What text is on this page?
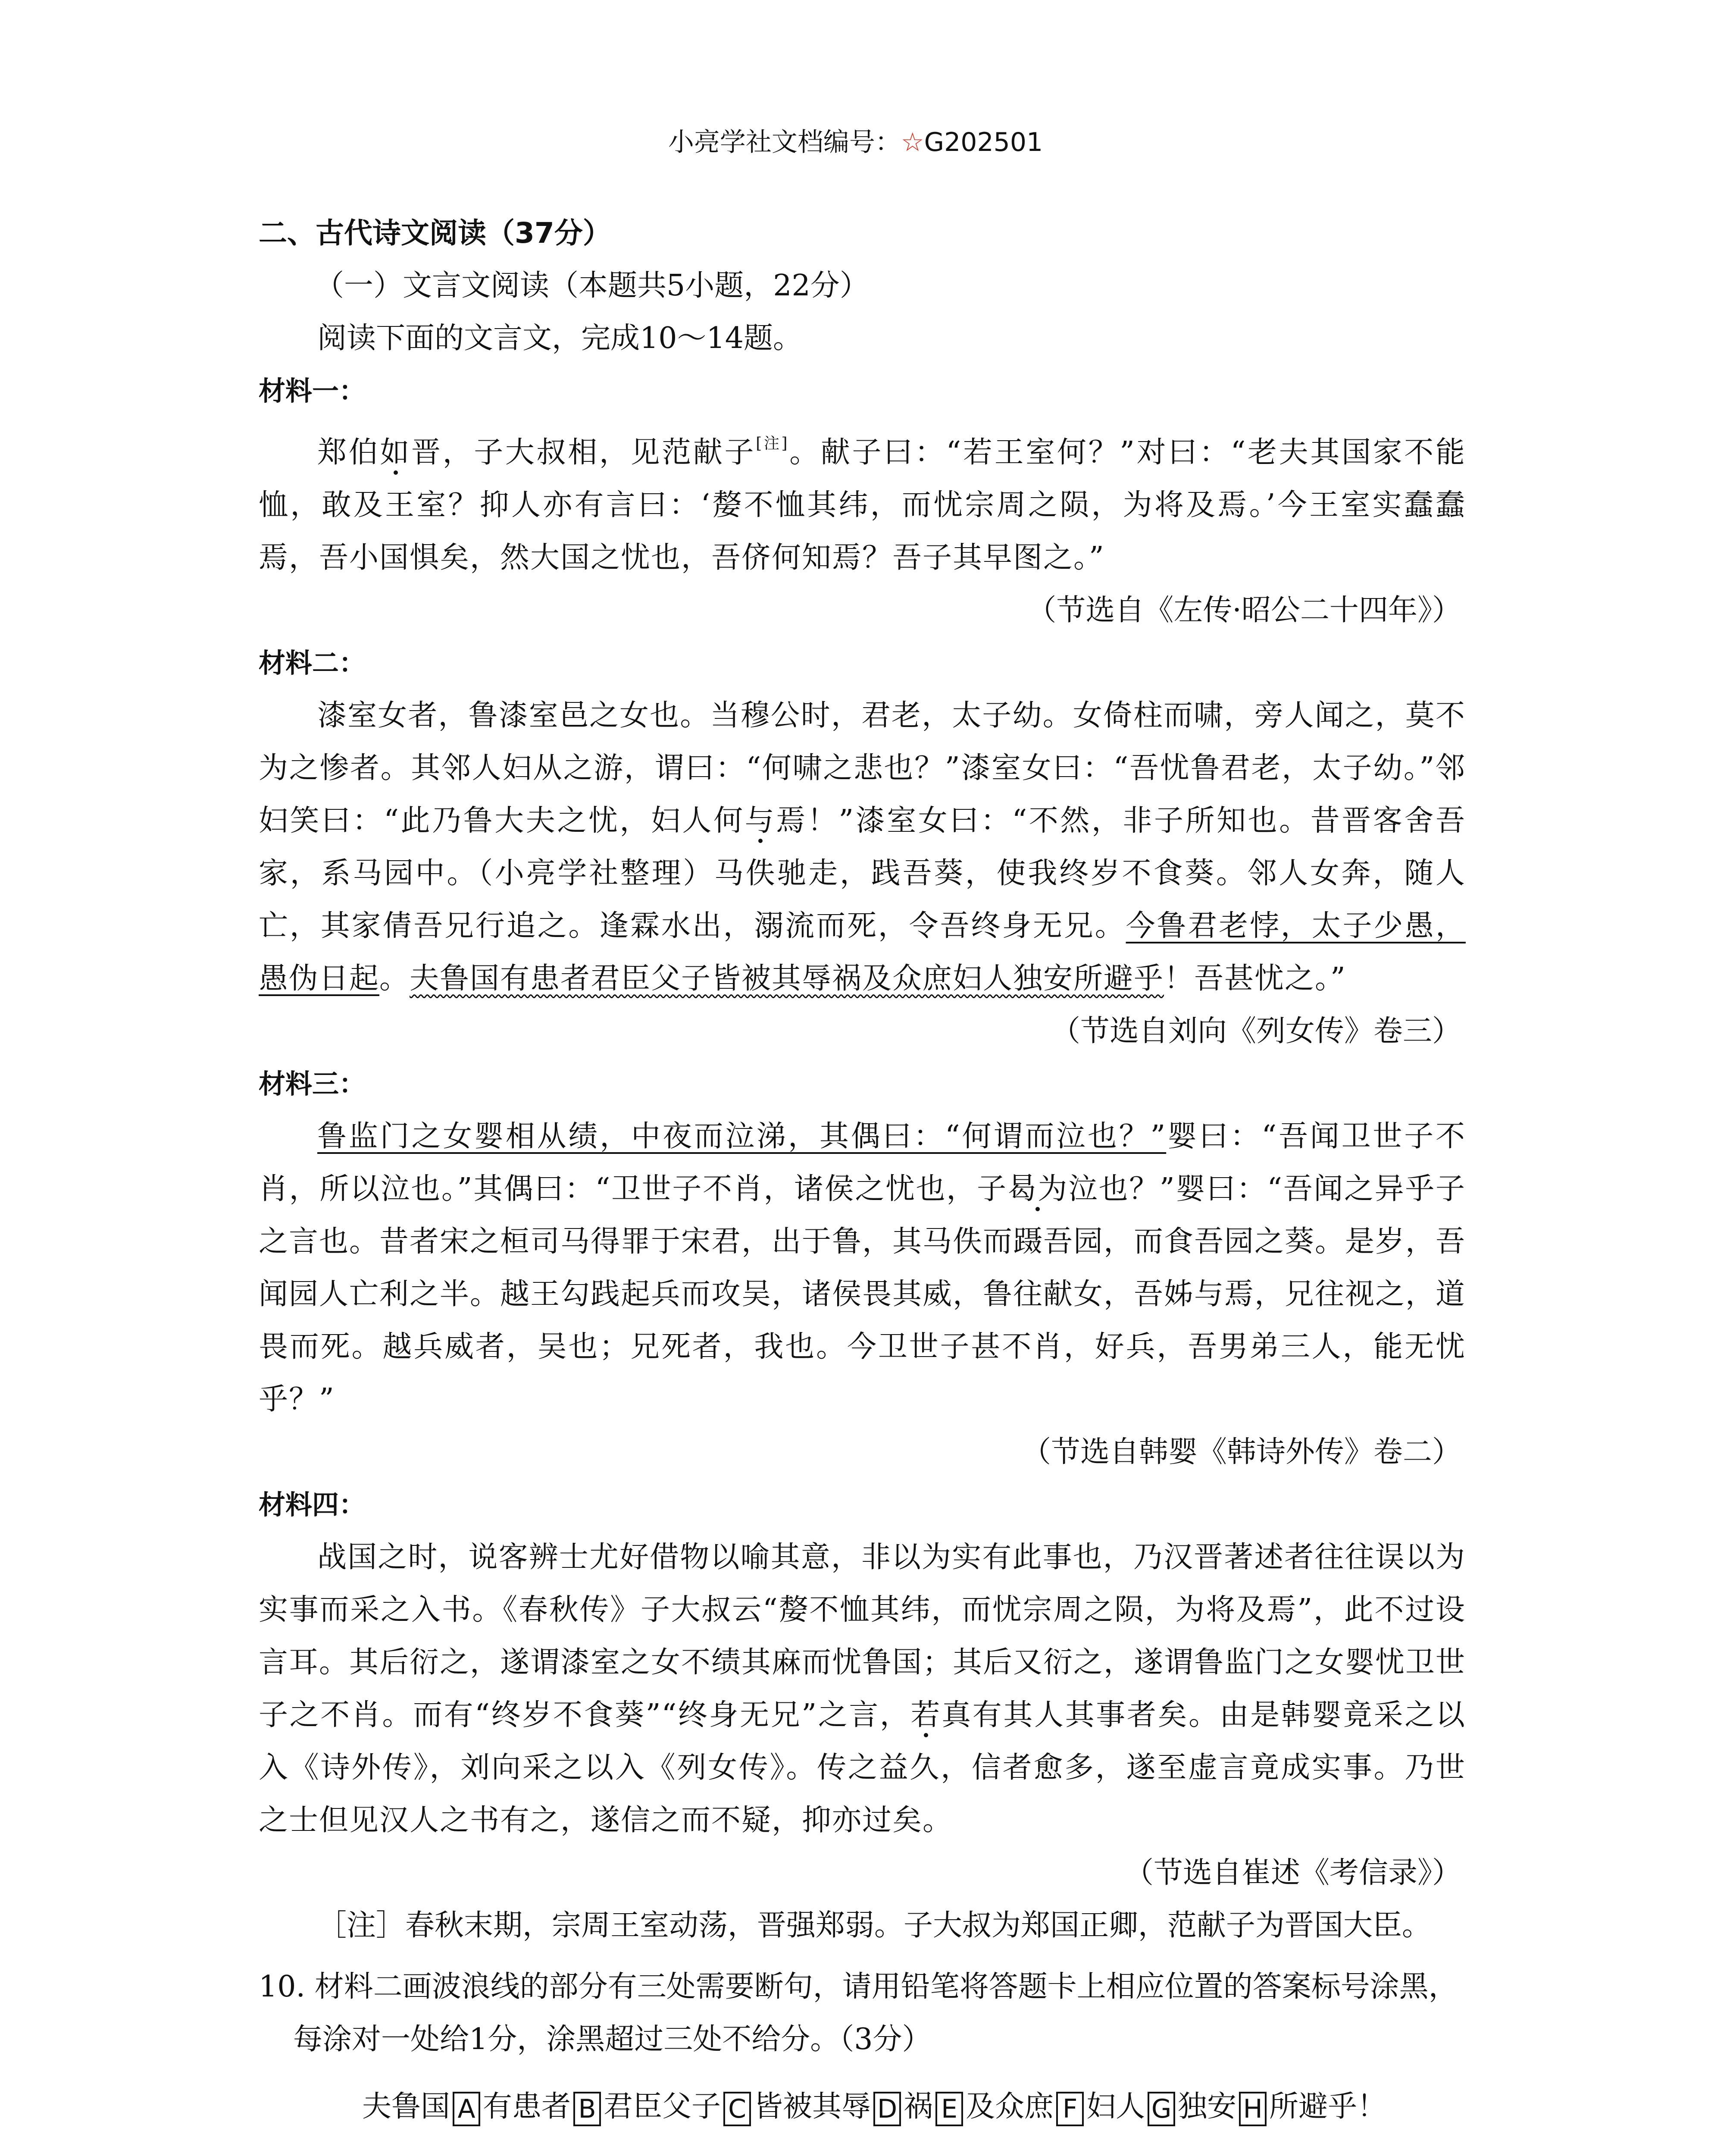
小亮学社文档编号：☆G202501
二、古代诗文阅读（37分）
（一）文言文阅读（本题共5小题，22分）
阅读下面的文言文，完成10～14题。
材料一：

郑伯如晋，子大叔相，见范献子[注]。献子曰：“若王室何？”对曰：“老夫其国家不能恤，敢及王室？抑人亦有言曰：‘嫠不恤其纬，而忧宗周之陨，为将及焉。’今王室实蠢蠢焉，吾小国惧矣，然大国之忧也，吾侪何知焉？吾子其早图之。”

（节选自《左传·昭公二十四年》）
材料二：

漆室女者，鲁漆室邑之女也。当穆公时，君老，太子幼。女倚柱而啸，旁人闻之，莫不为之惨者。其邻人妇从之游，谓曰：“何啸之悲也？”漆室女曰：“吾忧鲁君老，太子幼。”邻妇笑曰：“此乃鲁大夫之忧，妇人何与焉！”漆室女曰：“不然，非子所知也。昔晋客舍吾家，系马园中。（小亮学社整理）马佚驰走，践吾葵，使我终岁不食葵。邻人女奔，随人亡，其家倩吾兄行追之。逢霖水出，溺流而死，令吾终身无兄。今鲁君老悖，太子少愚，愚伪日起。夫鲁国有患者君臣父子皆被其辱祸及众庶妇人独安所避乎！吾甚忧之。”

（节选自刘向《列女传》卷三）
材料三：

鲁监门之女婴相从绩，中夜而泣涕，其偶曰：“何谓而泣也？”婴曰：“吾闻卫世子不肖，所以泣也。”其偶曰：“卫世子不肖，诸侯之忧也，子曷为泣也？”婴曰：“吾闻之异乎子之言也。昔者宋之桓司马得罪于宋君，出于鲁，其马佚而蹑吾园，而食吾园之葵。是岁，吾闻园人亡利之半。越王勾践起兵而攻吴，诸侯畏其威，鲁往献女，吾姊与焉，兄往视之，道畏而死。越兵威者，吴也；兄死者，我也。今卫世子甚不肖，好兵，吾男弟三人，能无忧乎？”

（节选自韩婴《韩诗外传》卷二）
材料四：

战国之时，说客辨士尤好借物以喻其意，非以为实有此事也，乃汉晋著述者往往误以为实事而采之入书。《春秋传》子大叔云“嫠不恤其纬，而忧宗周之陨，为将及焉”，此不过设言耳。其后衍之，遂谓漆室之女不绩其麻而忧鲁国；其后又衍之，遂谓鲁监门之女婴忧卫世子之不肖。而有“终岁不食葵”“终身无兄”之言，若真有其人其事者矣。由是韩婴竟采之以入《诗外传》，刘向采之以入《列女传》。传之益久，信者愈多，遂至虚言竟成实事。乃世之士但见汉人之书有之，遂信之而不疑，抑亦过矣。

（节选自崔述《考信录》）
［注］春秋末期，宗周王室动荡，晋强郑弱。子大叔为郑国正卿，范献子为晋国大臣。
10. 材料二画波浪线的部分有三处需要断句，请用铅笔将答题卡上相应位置的答案标号涂黑，
每涂对一处给1分，涂黑超过三处不给分。（3分）
夫鲁国 A 有患者 B 君臣父子 C 皆被其辱 D 祸 E 及众庶 F 妇人 G 独安 H 所避乎！
